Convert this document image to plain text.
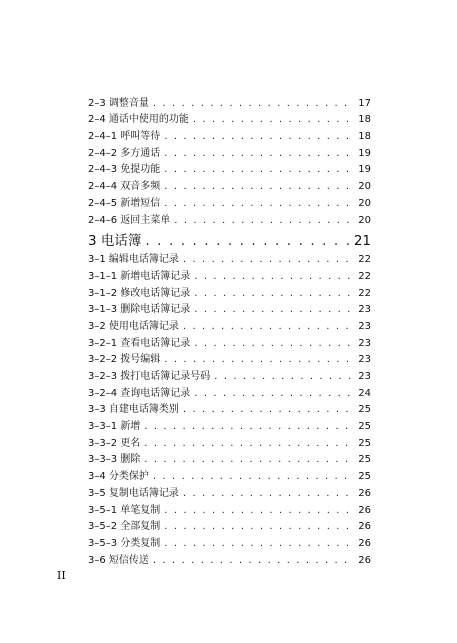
2–3 调整音量 . . .	17
2–4 通话中使用的功能 . . .	18
2–4–1 呼叫等待 . . .	18
2–4–2 多方通话 . . .	19
2–4–3 免提功能 . . .	19
2–4–4 双音多频 . . .	20
2–4–5 新增短信 . . .	20
2–4–6 返回主菜单 . . .	20
3 电话簿 . . .	21
3–1 编辑电话簿记录 . . .	22
3–1–1 新增电话簿记录 . . .	22
3–1–2 修改电话簿记录 . . .	22
3–1–3 删除电话簿记录 . . .	23
3–2 使用电话簿记录 . . .	23
3–2–1 查看电话簿记录 . . .	23
3–2–2 拨号编辑 . . .	23
3–2–3 拨打电话簿记录号码 . . .	23
3–2–4 查询电话簿记录 . . .	24
3–3 自建电话簿类别 . . .	25
3–3–1 新增 . . .	25
3–3–2 更名 . . .	25
3–3–3 删除 . . .	25
3–4 分类保护 . . .	25
3–5 复制电话簿记录 . . .	26
3–5–1 单笔复制 . . .	26
3–5–2 全部复制 . . .	26
3–5–3 分类复制 . . .	26
3–6 短信传送 . . .	26
II
